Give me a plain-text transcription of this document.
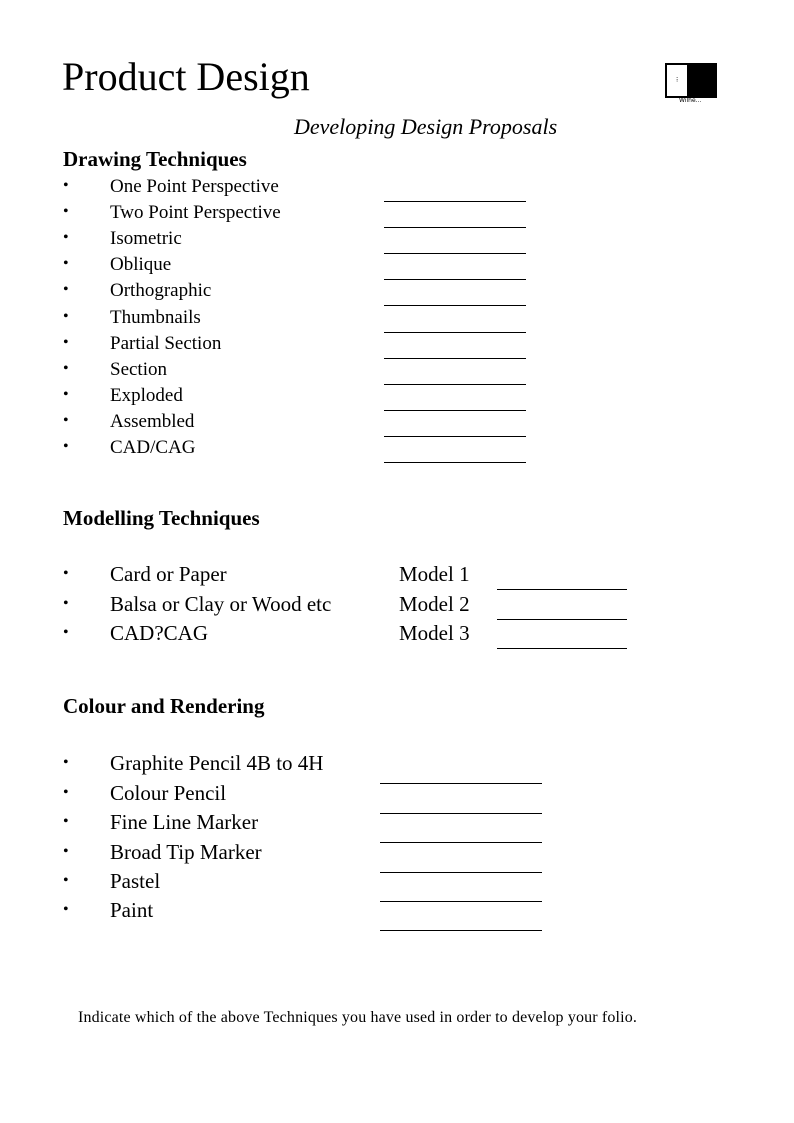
Product Design	⁝
Wilhe...
Developing Design Proposals
Drawing Techniques
• One Point Perspective
• Two Point Perspective
• Isometric
• Oblique
• Orthographic
• Thumbnails
• Partial Section
• Section
• Exploded
• Assembled
• CAD/CAG
Modelling Techniques
• Card or Paper	Model 1
• Balsa or Clay or Wood etc	Model 2
• CAD?CAG	Model 3
Colour and Rendering
• Graphite Pencil 4B to 4H
• Colour Pencil
• Fine Line Marker
• Broad Tip Marker
• Pastel
• Paint
Indicate which of the above Techniques you have used in order to develop your folio.
